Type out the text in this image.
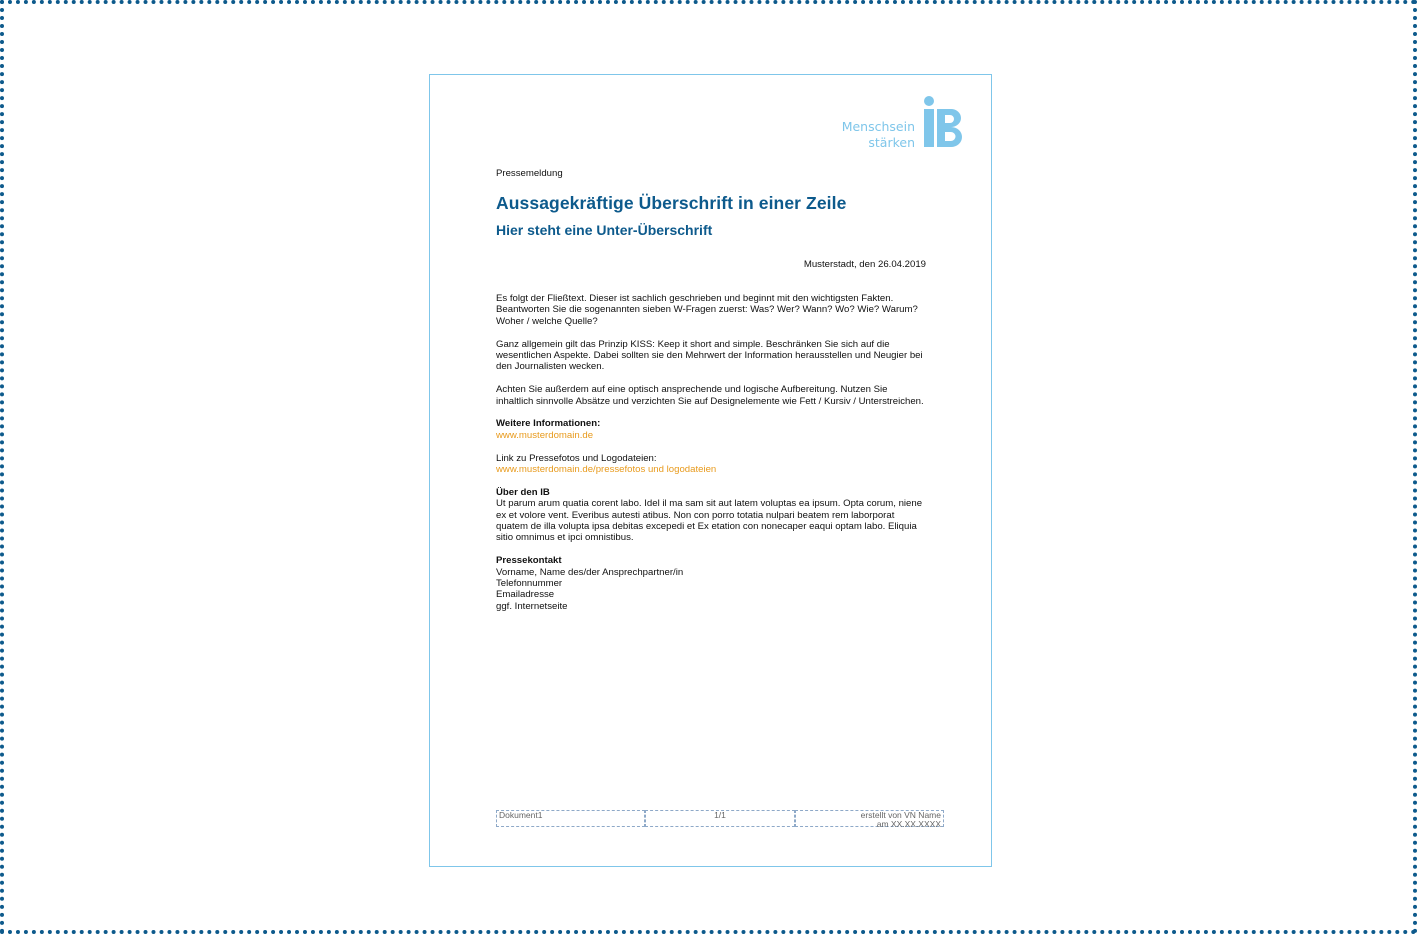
Menschsein
stärken
Pressemeldung
Aussagekräftige Überschrift in einer Zeile
Hier steht eine Unter-Überschrift
Musterstadt, den 26.04.2019
Es folgt der Fließtext. Dieser ist sachlich geschrieben und beginnt mit den wichtigsten Fakten. Beantworten Sie die sogenannten sieben W-Fragen zuerst: Was? Wer? Wann? Wo? Wie? Warum? Woher / welche Quelle?
Ganz allgemein gilt das Prinzip KISS: Keep it short and simple. Beschränken Sie sich auf die wesentlichen Aspekte. Dabei sollten sie den Mehrwert der Information herausstellen und Neugier bei den Journalisten wecken.
Achten Sie außerdem auf eine optisch ansprechende und logische Aufbereitung. Nutzen Sie inhaltlich sinnvolle Absätze und verzichten Sie auf Designelemente wie Fett / Kursiv / Unterstreichen.
Weitere Informationen:
www.musterdomain.de
Link zu Pressefotos und Logodateien:
www.musterdomain.de/pressefotos und logodateien
Über den IB
Ut parum arum quatia corent labo. Idel il ma sam sit aut latem voluptas ea ipsum. Opta corum, niene ex et volore vent. Everibus autesti atibus. Non con porro totatia nulpari beatem rem laborporat quatem de illa volupta ipsa debitas excepedi et Ex etation con nonecaper eaqui optam labo. Eliquia sitio omnimus et ipci omnistibus.
Pressekontakt
Vorname, Name des/der Ansprechpartner/in
Telefonnummer
Emailadresse
ggf. Internetseite
Dokument1	1/1	erstellt von VN Name
am XX.XX.XXXX
